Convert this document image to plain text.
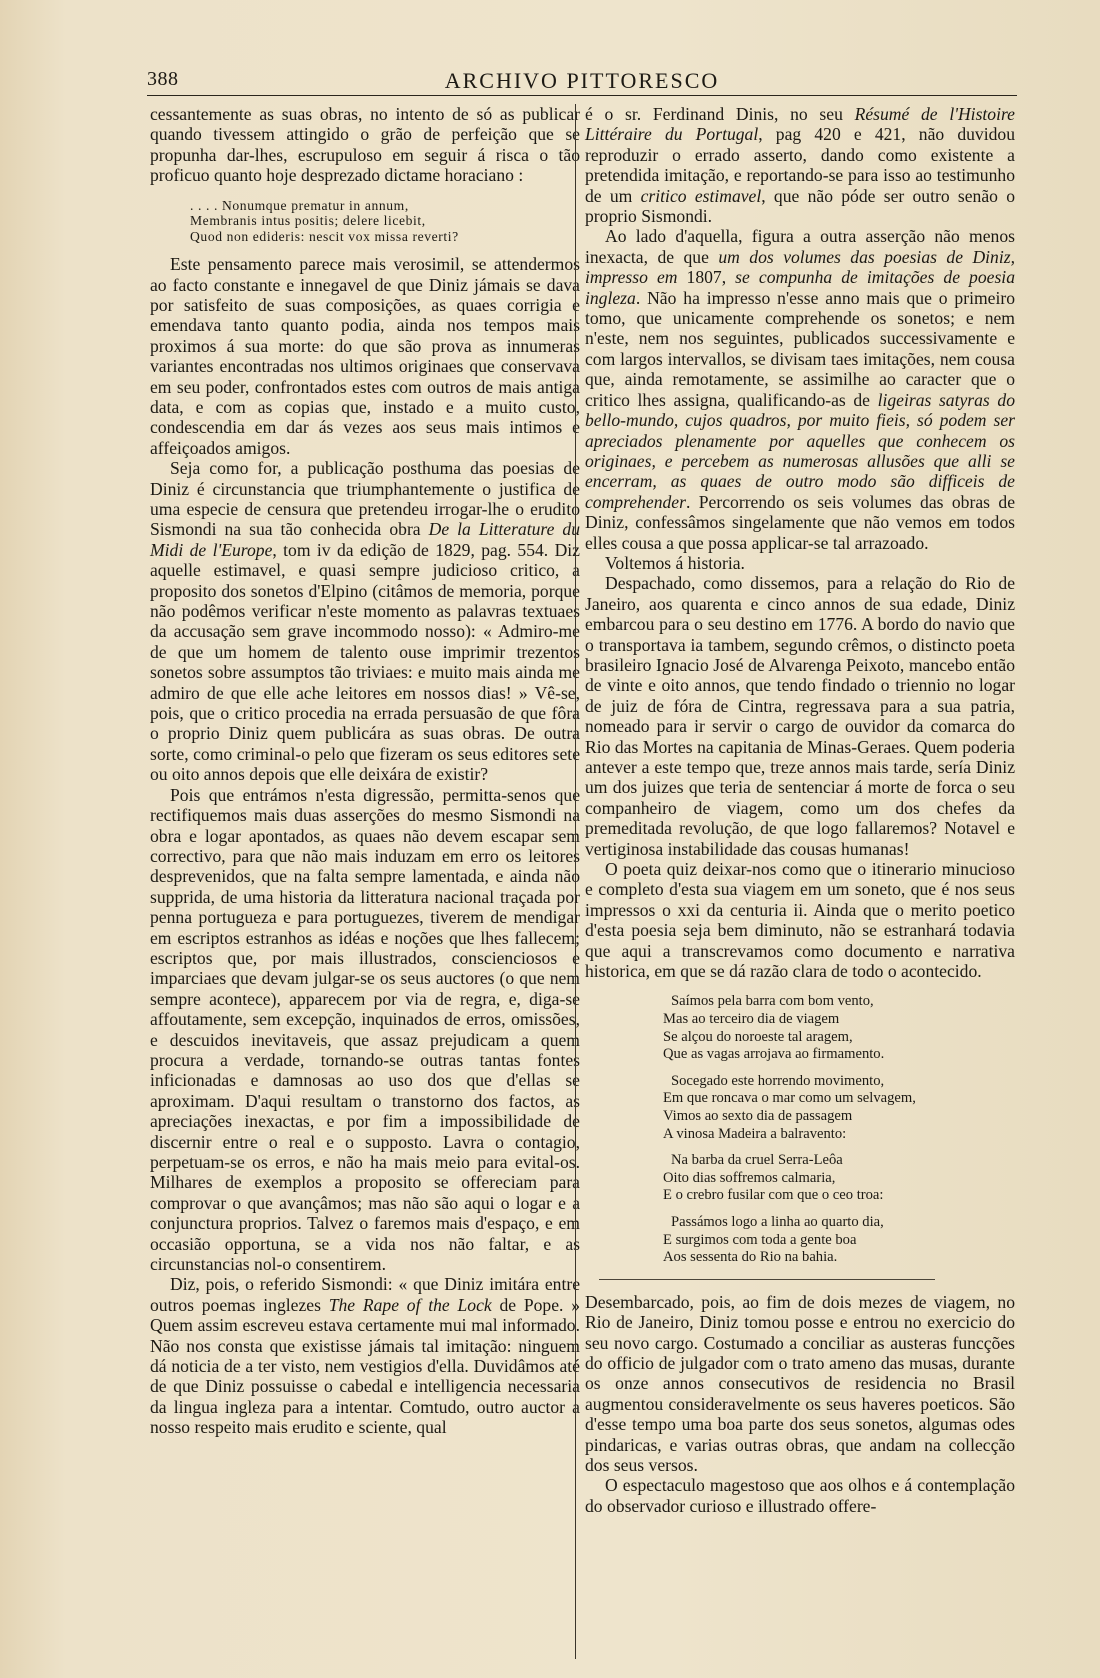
388	ARCHIVO PITTORESCO

cessantemente as suas obras, no intento de só as publicar quando tivessem attingido o grão de perfeição que se propunha dar-lhes, escrupuloso em seguir á risca o tão proficuo quanto hoje desprezado dictame horaciano :

. . . . Nonumque prematur in annum,
Membranis intus positis; delere licebit,
Quod non edideris: nescit vox missa reverti?

Este pensamento parece mais verosimil, se attendermos ao facto constante e innegavel de que Diniz jámais se dava por satisfeito de suas composições, as quaes corrigia e emendava tanto quanto podia, ainda nos tempos mais proximos á sua morte: do que são prova as innumeras variantes encontradas nos ultimos originaes que conservava em seu poder, confrontados estes com outros de mais antiga data, e com as copias que, instado e a muito custo, condescendia em dar ás vezes aos seus mais intimos e affeiçoados amigos.

Seja como for, a publicação posthuma das poesias de Diniz é circunstancia que triumphantemente o justifica de uma especie de censura que pretendeu irrogar-lhe o erudito Sismondi na sua tão conhecida obra De la Litterature du Midi de l'Europe, tom iv da edição de 1829, pag. 554. Diz aquelle estimavel, e quasi sempre judicioso critico, a proposito dos sonetos d'Elpino (citâmos de memoria, porque não podêmos verificar n'este momento as palavras textuaes da accusação sem grave incommodo nosso): « Admiro-me de que um homem de talento ouse imprimir trezentos sonetos sobre assumptos tão triviaes: e muito mais ainda me admiro de que elle ache leitores em nossos dias! » Vê-se, pois, que o critico procedia na errada persuasão de que fôra o proprio Diniz quem publicára as suas obras. De outra sorte, como criminal-o pelo que fizeram os seus editores sete ou oito annos depois que elle deixára de existir?

Pois que entrámos n'esta digressão, permitta-senos que rectifiquemos mais duas asserções do mesmo Sismondi na obra e logar apontados, as quaes não devem escapar sem correctivo, para que não mais induzam em erro os leitores desprevenidos, que na falta sempre lamentada, e ainda não supprida, de uma historia da litteratura nacional traçada por penna portugueza e para portuguezes, tiverem de mendigar em escriptos estranhos as idéas e noções que lhes fallecem; escriptos que, por mais illustrados, conscienciosos e imparciaes que devam julgar-se os seus auctores (o que nem sempre acontece), apparecem por via de regra, e, diga-se affoutamente, sem excepção, inquinados de erros, omissões, e descuidos inevitaveis, que assaz prejudicam a quem procura a verdade, tornando-se outras tantas fontes inficionadas e damnosas ao uso dos que d'ellas se aproximam. D'aqui resultam o transtorno dos factos, as apreciações inexactas, e por fim a impossibilidade de discernir entre o real e o supposto. Lavra o contagio, perpetuam-se os erros, e não ha mais meio para evital-os. Milhares de exemplos a proposito se offereciam para comprovar o que avançâmos; mas não são aqui o logar e a conjunctura proprios. Talvez o faremos mais d'espaço, e em occasião opportuna, se a vida nos não faltar, e as circunstancias nol-o consentirem.

Diz, pois, o referido Sismondi: « que Diniz imitára entre outros poemas inglezes The Rape of the Lock de Pope. » Quem assim escreveu estava certamente mui mal informado. Não nos consta que existisse jámais tal imitação: ninguem dá noticia de a ter visto, nem vestigios d'ella. Duvidâmos até de que Diniz possuisse o cabedal e intelligencia necessaria da lingua ingleza para a intentar. Comtudo, outro auctor a nosso respeito mais erudito e sciente, qual

é o sr. Ferdinand Dinis, no seu Résumé de l'Histoire Littéraire du Portugal, pag 420 e 421, não duvidou reproduzir o errado asserto, dando como existente a pretendida imitação, e reportando-se para isso ao testimunho de um critico estimavel, que não póde ser outro senão o proprio Sismondi.

Ao lado d'aquella, figura a outra asserção não menos inexacta, de que um dos volumes das poesias de Diniz, impresso em 1807, se compunha de imitações de poesia ingleza. Não ha impresso n'esse anno mais que o primeiro tomo, que unicamente comprehende os sonetos; e nem n'este, nem nos seguintes, publicados successivamente e com largos intervallos, se divisam taes imitações, nem cousa que, ainda remotamente, se assimilhe ao caracter que o critico lhes assigna, qualificando-as de ligeiras satyras do bello-mundo, cujos quadros, por muito fieis, só podem ser apreciados plenamente por aquelles que conhecem os originaes, e percebem as numerosas allusões que alli se encerram, as quaes de outro modo são difficeis de comprehender. Percorrendo os seis volumes das obras de Diniz, confessâmos singelamente que não vemos em todos elles cousa a que possa applicar-se tal arrazoado.

Voltemos á historia.

Despachado, como dissemos, para a relação do Rio de Janeiro, aos quarenta e cinco annos de sua edade, Diniz embarcou para o seu destino em 1776. A bordo do navio que o transportava ia tambem, segundo crêmos, o distincto poeta brasileiro Ignacio José de Alvarenga Peixoto, mancebo então de vinte e oito annos, que tendo findado o triennio no logar de juiz de fóra de Cintra, regressava para a sua patria, nomeado para ir servir o cargo de ouvidor da comarca do Rio das Mortes na capitania de Minas-Geraes. Quem poderia antever a este tempo que, treze annos mais tarde, sería Diniz um dos juizes que teria de sentenciar á morte de forca o seu companheiro de viagem, como um dos chefes da premeditada revolução, de que logo fallaremos? Notavel e vertiginosa instabilidade das cousas humanas!

O poeta quiz deixar-nos como que o itinerario minucioso e completo d'esta sua viagem em um soneto, que é nos seus impressos o xxi da centuria ii. Ainda que o merito poetico d'esta poesia seja bem diminuto, não se estranhará todavia que aqui a transcrevamos como documento e narrativa historica, em que se dá razão clara de todo o acontecido.

Saímos pela barra com bom vento,
Mas ao terceiro dia de viagem
Se alçou do noroeste tal aragem,
Que as vagas arrojava ao firmamento.
Socegado este horrendo movimento,
Em que roncava o mar como um selvagem,
Vimos ao sexto dia de passagem
A vinosa Madeira a balravento:
Na barba da cruel Serra-Leôa
Oito dias soffremos calmaria,
E o crebro fusilar com que o ceo troa:
Passámos logo a linha ao quarto dia,
E surgimos com toda a gente boa
Aos sessenta do Rio na bahia.

Desembarcado, pois, ao fim de dois mezes de viagem, no Rio de Janeiro, Diniz tomou posse e entrou no exercicio do seu novo cargo. Costumado a conciliar as austeras funcções do officio de julgador com o trato ameno das musas, durante os onze annos consecutivos de residencia no Brasil augmentou consideravelmente os seus haveres poeticos. São d'esse tempo uma boa parte dos seus sonetos, algumas odes pindaricas, e varias outras obras, que andam na collecção dos seus versos.

O espectaculo magestoso que aos olhos e á contemplação do observador curioso e illustrado offere-
